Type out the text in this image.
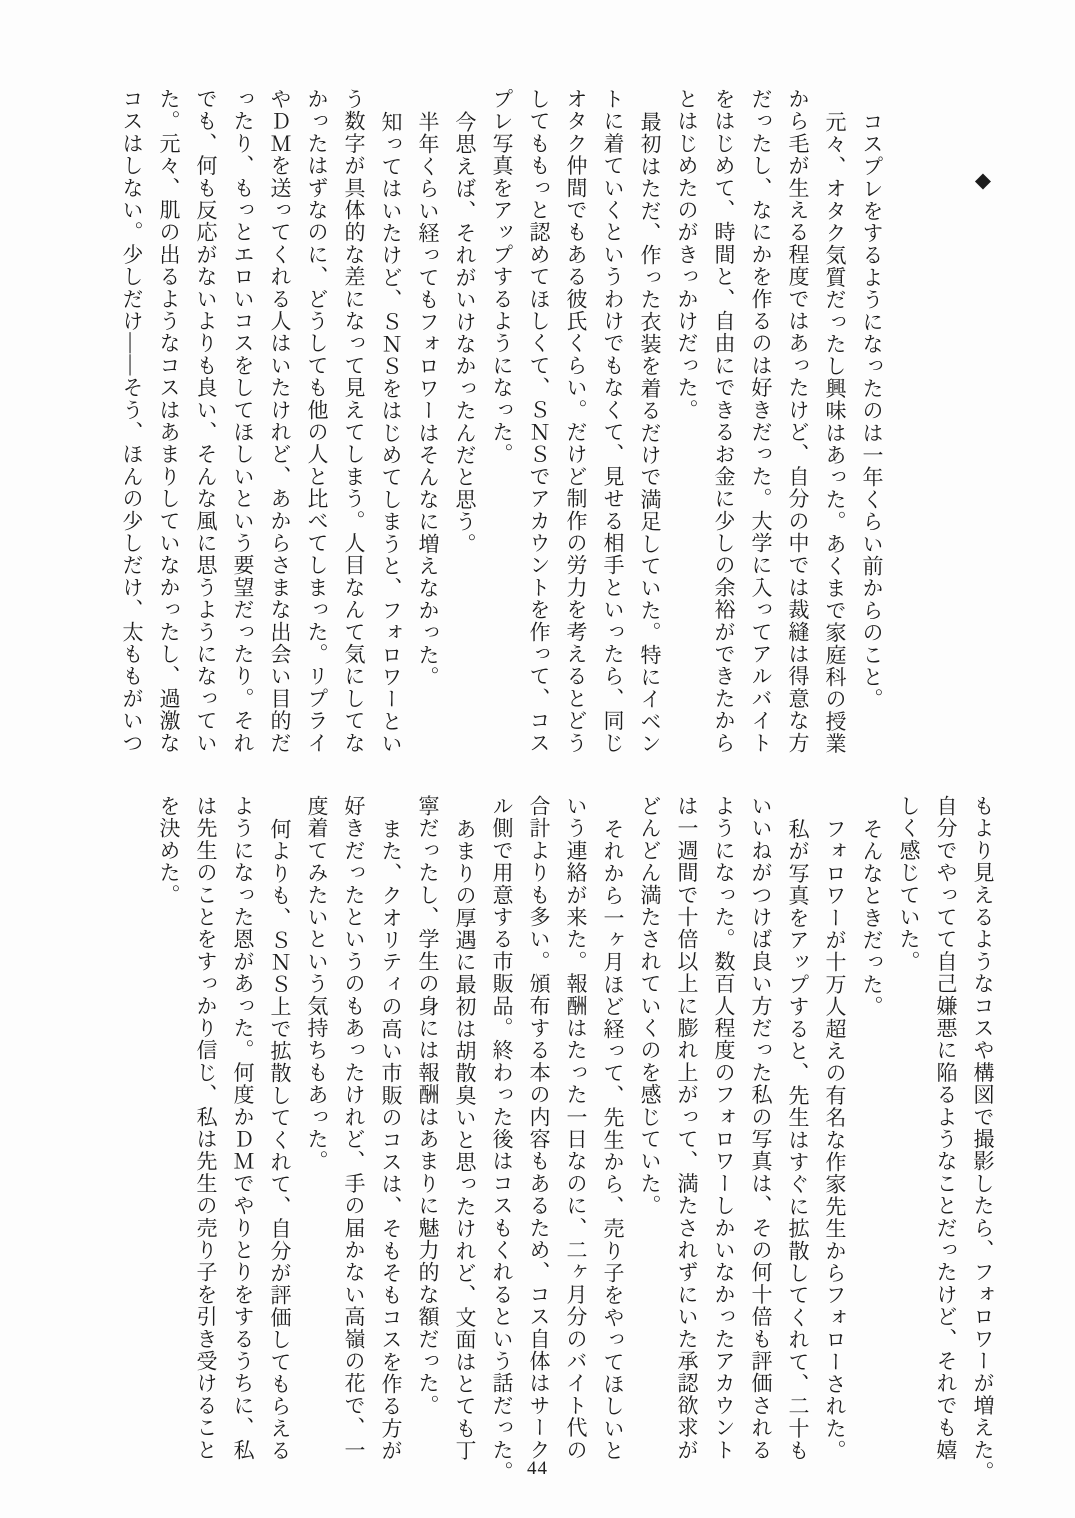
◆
コスプレをするようになったのは一年くらい前からのこと。
元々、オタク気質だったし興味はあった。あくまで家庭科の授業
から毛が生える程度ではあったけど、自分の中では裁縫は得意な方
だったし、なにかを作るのは好きだった。大学に入ってアルバイト
をはじめて、時間と、自由にできるお金に少しの余裕ができたから
とはじめたのがきっかけだった。
最初はただ、作った衣装を着るだけで満足していた。特にイベン
トに着ていくというわけでもなくて、見せる相手といったら、同じ
オタク仲間でもある彼氏くらい。だけど制作の労力を考えるとどう
してももっと認めてほしくて、ＳＮＳでアカウントを作って、コス
プレ写真をアップするようになった。
今思えば、それがいけなかったんだと思う。
半年くらい経ってもフォロワーはそんなに増えなかった。
知ってはいたけど、ＳＮＳをはじめてしまうと、フォロワーとい
う数字が具体的な差になって見えてしまう。人目なんて気にしてな
かったはずなのに、どうしても他の人と比べてしまった。リプライ
やＤＭを送ってくれる人はいたけれど、あからさまな出会い目的だ
ったり、もっとエロいコスをしてほしいという要望だったり。それ
でも、何も反応がないよりも良い、そんな風に思うようになってい
た。元々、肌の出るようなコスはあまりしていなかったし、過激な
コスはしない。少しだけ――そう、ほんの少しだけ、太ももがいつ
もより見えるようなコスや構図で撮影したら、フォロワーが増えた。
自分でやってて自己嫌悪に陥るようなことだったけど、それでも嬉
しく感じていた。
そんなときだった。
フォロワーが十万人超えの有名な作家先生からフォローされた。
私が写真をアップすると、先生はすぐに拡散してくれて、二十も
いいねがつけば良い方だった私の写真は、その何十倍も評価される
ようになった。数百人程度のフォロワーしかいなかったアカウント
は一週間で十倍以上に膨れ上がって、満たされずにいた承認欲求が
どんどん満たされていくのを感じていた。
それから一ヶ月ほど経って、先生から、売り子をやってほしいと
いう連絡が来た。報酬はたった一日なのに、二ヶ月分のバイト代の
合計よりも多い。頒布する本の内容もあるため、コス自体はサーク
ル側で用意する市販品。終わった後はコスもくれるという話だった。
あまりの厚遇に最初は胡散臭いと思ったけれど、文面はとても丁
寧だったし、学生の身には報酬はあまりに魅力的な額だった。
また、クオリティの高い市販のコスは、そもそもコスを作る方が
好きだったというのもあったけれど、手の届かない高嶺の花で、一
度着てみたいという気持ちもあった。
何よりも、ＳＮＳ上で拡散してくれて、自分が評価してもらえる
ようになった恩があった。何度かＤＭでやりとりをするうちに、私
は先生のことをすっかり信じ、私は先生の売り子を引き受けること
を決めた。
44
